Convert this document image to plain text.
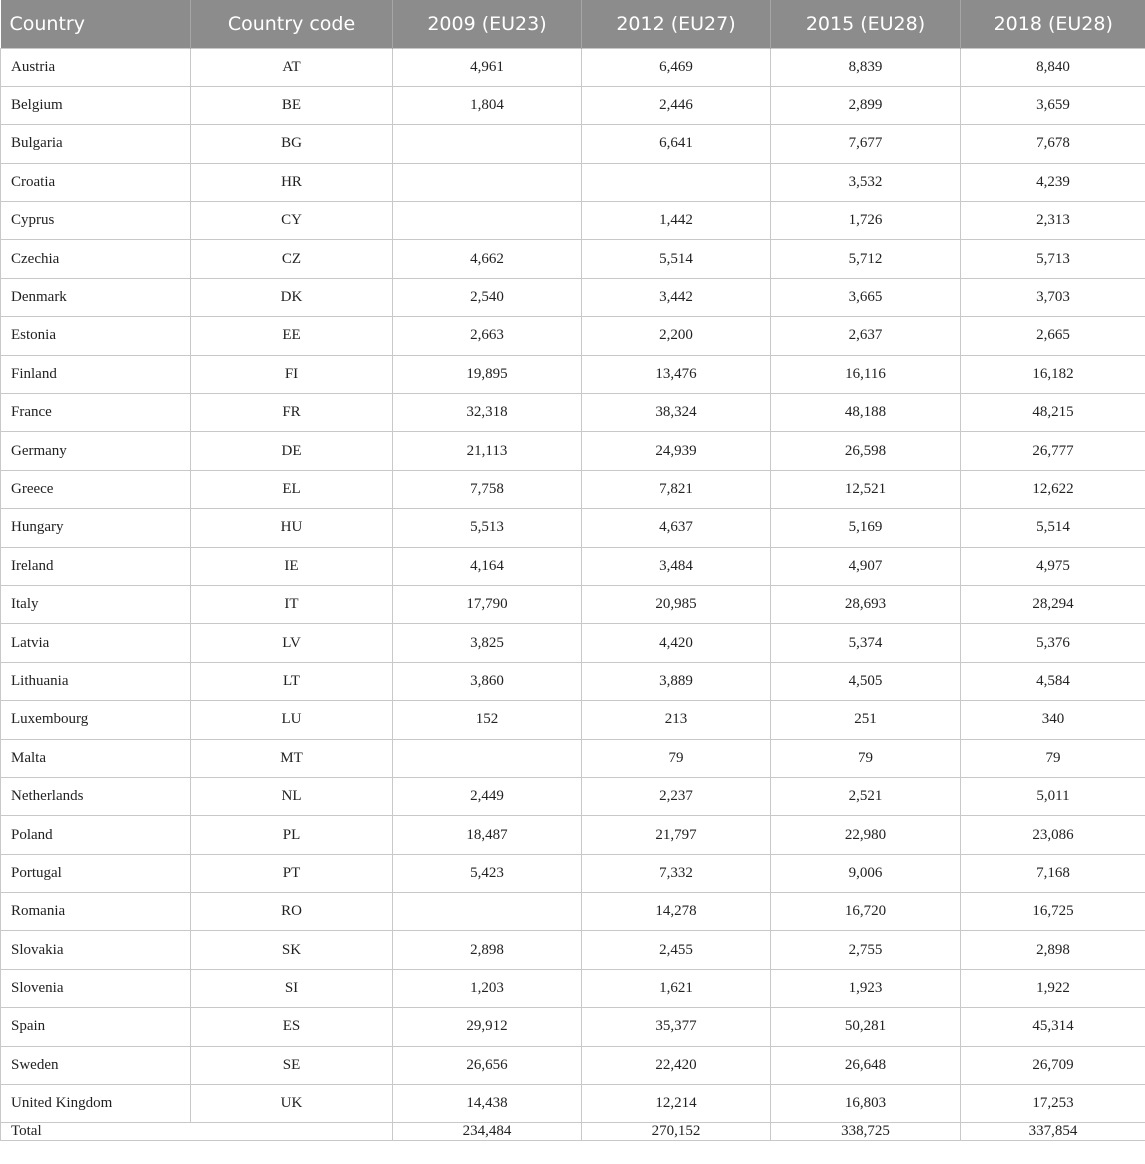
Country	Country code	2009 (EU23)	2012 (EU27)	2015 (EU28)	2018 (EU28)
Austria	AT	4,961	6,469	8,839	8,840
Belgium	BE	1,804	2,446	2,899	3,659
Bulgaria	BG		6,641	7,677	7,678
Croatia	HR			3,532	4,239
Cyprus	CY		1,442	1,726	2,313
Czechia	CZ	4,662	5,514	5,712	5,713
Denmark	DK	2,540	3,442	3,665	3,703
Estonia	EE	2,663	2,200	2,637	2,665
Finland	FI	19,895	13,476	16,116	16,182
France	FR	32,318	38,324	48,188	48,215
Germany	DE	21,113	24,939	26,598	26,777
Greece	EL	7,758	7,821	12,521	12,622
Hungary	HU	5,513	4,637	5,169	5,514
Ireland	IE	4,164	3,484	4,907	4,975
Italy	IT	17,790	20,985	28,693	28,294
Latvia	LV	3,825	4,420	5,374	5,376
Lithuania	LT	3,860	3,889	4,505	4,584
Luxembourg	LU	152	213	251	340
Malta	MT		79	79	79
Netherlands	NL	2,449	2,237	2,521	5,011
Poland	PL	18,487	21,797	22,980	23,086
Portugal	PT	5,423	7,332	9,006	7,168
Romania	RO		14,278	16,720	16,725
Slovakia	SK	2,898	2,455	2,755	2,898
Slovenia	SI	1,203	1,621	1,923	1,922
Spain	ES	29,912	35,377	50,281	45,314
Sweden	SE	26,656	22,420	26,648	26,709
United Kingdom	UK	14,438	12,214	16,803	17,253
Total		234,484	270,152	338,725	337,854
